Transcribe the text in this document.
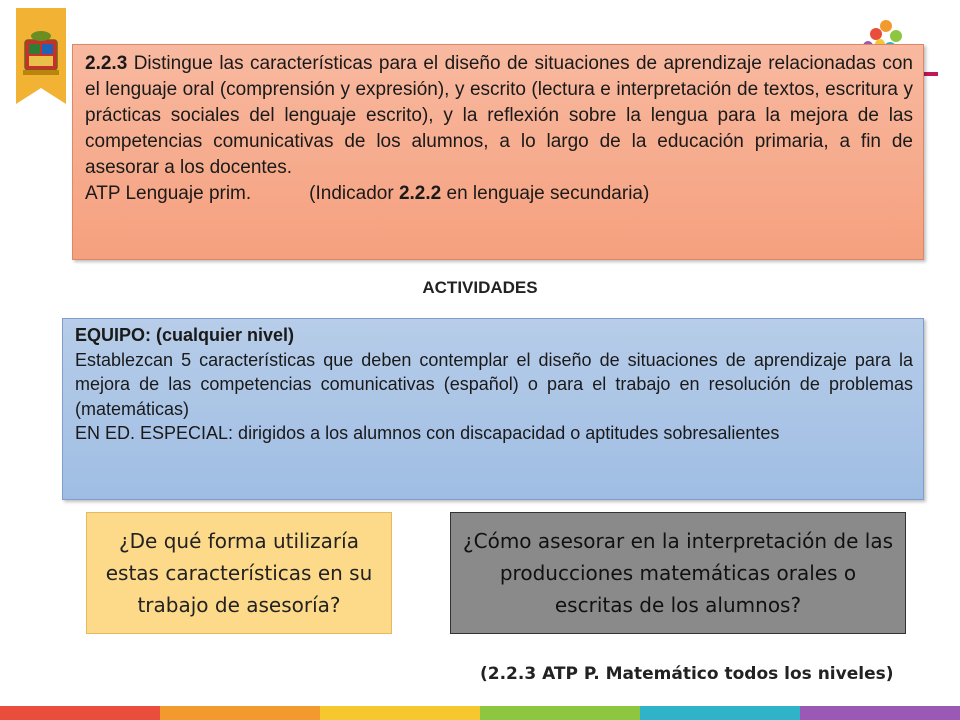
2.2.3 Distingue las características para el diseño de situaciones de aprendizaje relacionadas con el lenguaje oral (comprensión y expresión), y escrito (lectura e interpretación de textos, escritura y prácticas sociales del lenguaje escrito), y la reflexión sobre la lengua para la mejora de las competencias comunicativas de los alumnos, a lo largo de la educación primaria, a fin de asesorar a los docentes.
ATP Lenguaje prim.	(Indicador 2.2.2 en lenguaje secundaria)
ACTIVIDADES
EQUIPO: (cualquier nivel)
Establezcan 5 características que deben contemplar el diseño de situaciones de aprendizaje para la mejora de las competencias comunicativas (español) o para el trabajo en resolución de problemas (matemáticas)
EN ED. ESPECIAL: dirigidos a los alumnos con discapacidad o aptitudes sobresalientes
¿De qué forma utilizaría estas características en su trabajo de asesoría?
¿Cómo asesorar en la interpretación de las producciones matemáticas orales o escritas de los alumnos?
(2.2.3 ATP P. Matemático todos los niveles)
